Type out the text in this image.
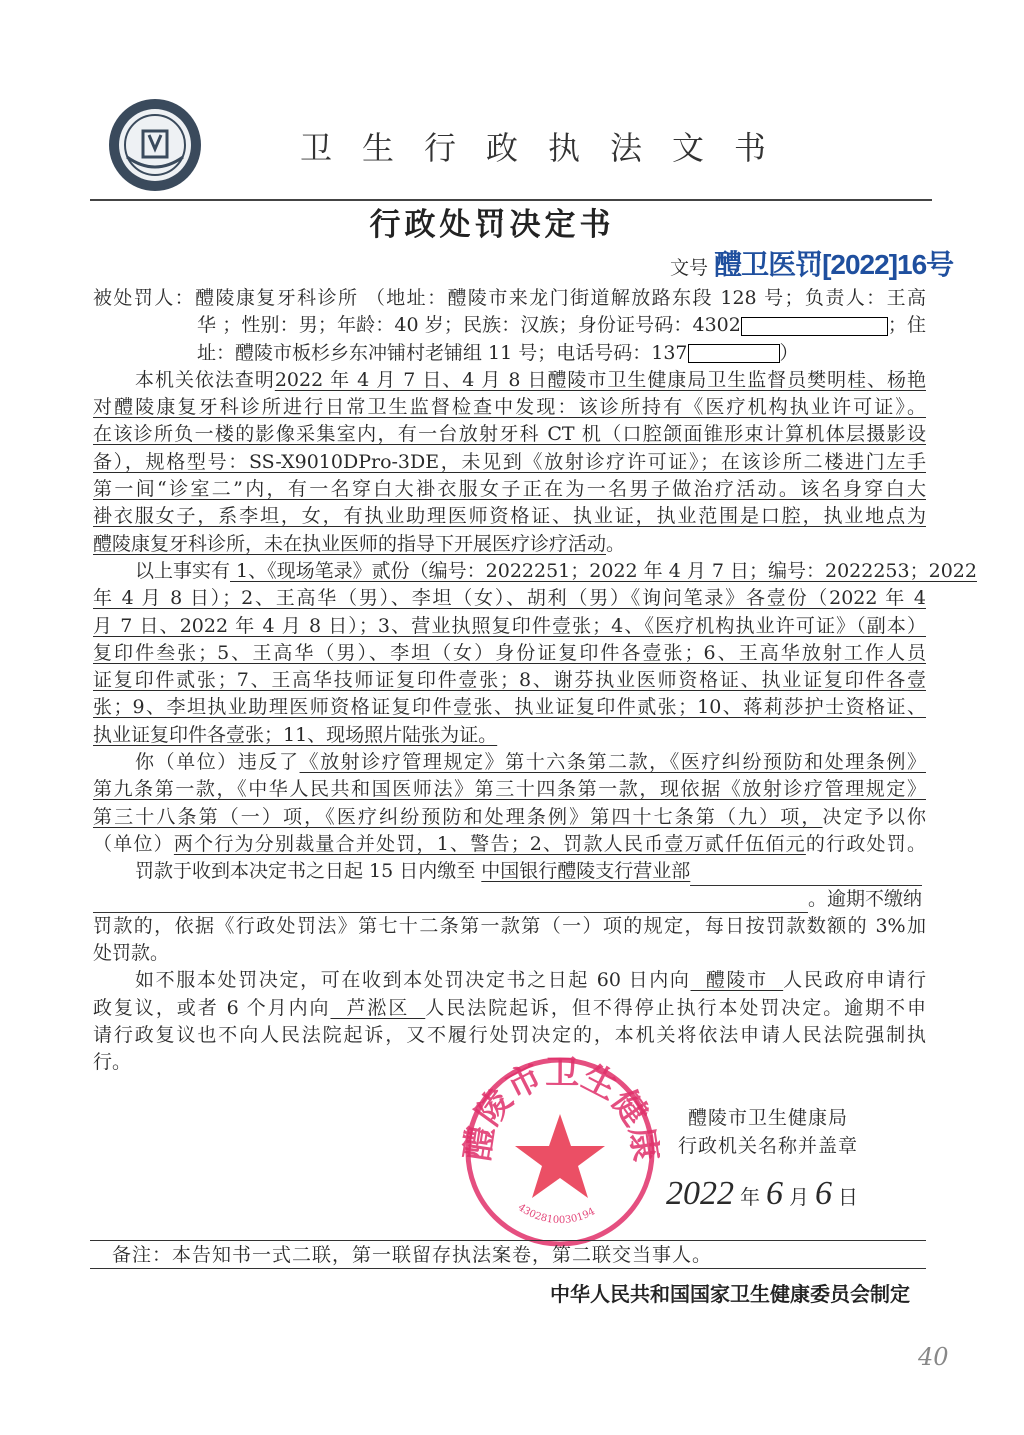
卫生行政执法文书
行政处罚决定书
文号 醴卫医罚[2022]16号
被处罚人：醴陵康复牙科诊所 （地址：醴陵市来龙门街道解放路东段 128 号；负责人：王高
华 ；性别：男；年龄：40 岁；民族：汉族；身份证号码：4302	；住
址：醴陵市板杉乡东冲铺村老铺组 11 号；电话号码：137	）
本机关依法查明2022 年 4 月 7 日、4 月 8 日醴陵市卫生健康局卫生监督员樊明桂、杨艳
对醴陵康复牙科诊所进行日常卫生监督检查中发现：该诊所持有《医疗机构执业许可证》。
在该诊所负一楼的影像采集室内，有一台放射牙科 CT 机（口腔颌面锥形束计算机体层摄影设
备），规格型号：SS-X9010DPro-3DE，未见到《放射诊疗许可证》；在该诊所二楼进门左手
第一间“诊室二”内，有一名穿白大褂衣服女子正在为一名男子做治疗活动。该名身穿白大
褂衣服女子，系李坦，女，有执业助理医师资格证、执业证，执业范围是口腔，执业地点为
醴陵康复牙科诊所，未在执业医师的指导下开展医疗诊疗活动。
以上事实有 1、《现场笔录》贰份（编号：2022251；2022 年 4 月 7 日；编号：2022253；2022
年 4 月 8 日）；2、王高华（男）、李坦（女）、胡利（男）《询问笔录》各壹份（2022 年 4
月 7 日、2022 年 4 月 8 日）；3、营业执照复印件壹张；4、《医疗机构执业许可证》（副本）
复印件叁张；5、王高华（男）、李坦（女）身份证复印件各壹张；6、王高华放射工作人员
证复印件贰张；7、王高华技师证复印件壹张；8、谢芬执业医师资格证、执业证复印件各壹
张；9、李坦执业助理医师资格证复印件壹张、执业证复印件贰张；10、蒋莉莎护士资格证、
执业证复印件各壹张；11、现场照片陆张为证。
你（单位）违反了《放射诊疗管理规定》第十六条第二款，《医疗纠纷预防和处理条例》
第九条第一款，《中华人民共和国医师法》第三十四条第一款，现依据《放射诊疗管理规定》
第三十八条第（一）项，《医疗纠纷预防和处理条例》第四十七条第（九）项，决定予以你
（单位）两个行为分别裁量合并处罚，1、警告；2、罚款人民币壹万贰仟伍佰元的行政处罚。
罚款于收到本决定书之日起 15 日内缴至 中国银行醴陵支行营业部
。逾期不缴纳
罚款的，依据《行政处罚法》第七十二条第一款第（一）项的规定，每日按罚款数额的 3%加
处罚款。
如不服本处罚决定，可在收到本处罚决定书之日起 60 日内向  醴陵市  人民政府申请行
政复议，或者 6 个月内向  芦淞区  人民法院起诉，但不得停止执行本处罚决定。逾期不申
请行政复议也不向人民法院起诉，又不履行处罚决定的，本机关将依法申请人民法院强制执
行。
醴陵市卫生健
4302810030194
醴陵市卫生健康局
行政机关名称并盖章
2022 年 6 月 6 日
备注：本告知书一式二联，第一联留存执法案卷，第二联交当事人。
中华人民共和国国家卫生健康委员会制定
40
